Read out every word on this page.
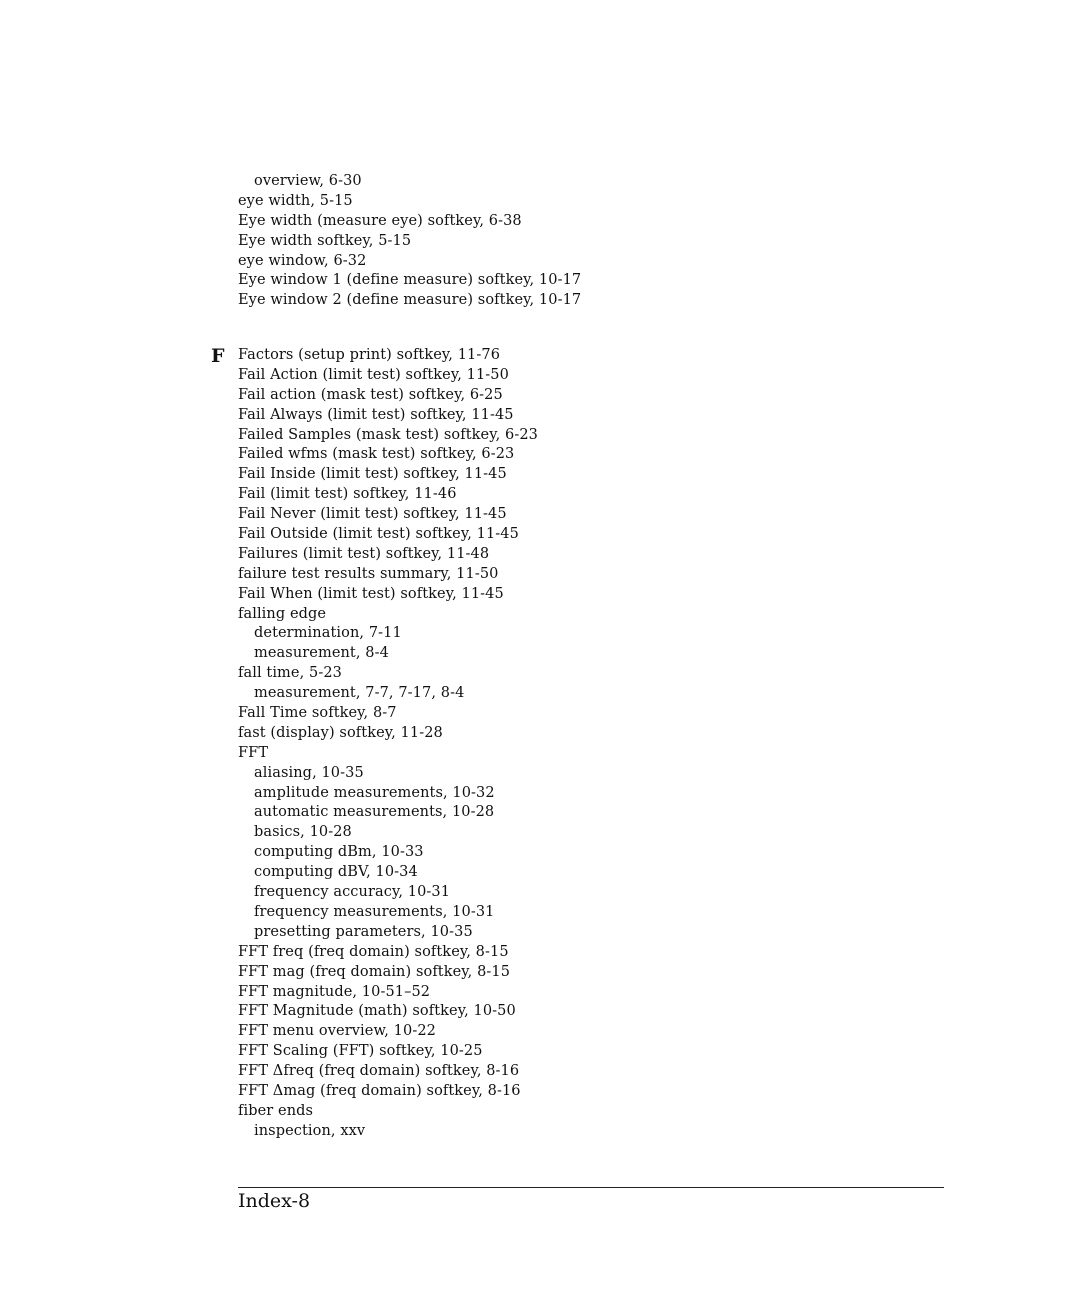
overview, 6-30
eye width, 5-15
Eye width (measure eye) softkey, 6-38
Eye width softkey, 5-15
eye window, 6-32
Eye window 1 (define measure) softkey, 10-17
Eye window 2 (define measure) softkey, 10-17
F Factors (setup print) softkey, 11-76
Fail Action (limit test) softkey, 11-50
Fail action (mask test) softkey, 6-25
Fail Always (limit test) softkey, 11-45
Failed Samples (mask test) softkey, 6-23
Failed wfms (mask test) softkey, 6-23
Fail Inside (limit test) softkey, 11-45
Fail (limit test) softkey, 11-46
Fail Never (limit test) softkey, 11-45
Fail Outside (limit test) softkey, 11-45
Failures (limit test) softkey, 11-48
failure test results summary, 11-50
Fail When (limit test) softkey, 11-45
falling edge
determination, 7-11
measurement, 8-4
fall time, 5-23
measurement, 7-7, 7-17, 8-4
Fall Time softkey, 8-7
fast (display) softkey, 11-28
FFT
aliasing, 10-35
amplitude measurements, 10-32
automatic measurements, 10-28
basics, 10-28
computing dBm, 10-33
computing dBV, 10-34
frequency accuracy, 10-31
frequency measurements, 10-31
presetting parameters, 10-35
FFT freq (freq domain) softkey, 8-15
FFT mag (freq domain) softkey, 8-15
FFT magnitude, 10-51–52
FFT Magnitude (math) softkey, 10-50
FFT menu overview, 10-22
FFT Scaling (FFT) softkey, 10-25
FFT Δfreq (freq domain) softkey, 8-16
FFT Δmag (freq domain) softkey, 8-16
fiber ends
inspection, xxv
Index-8
